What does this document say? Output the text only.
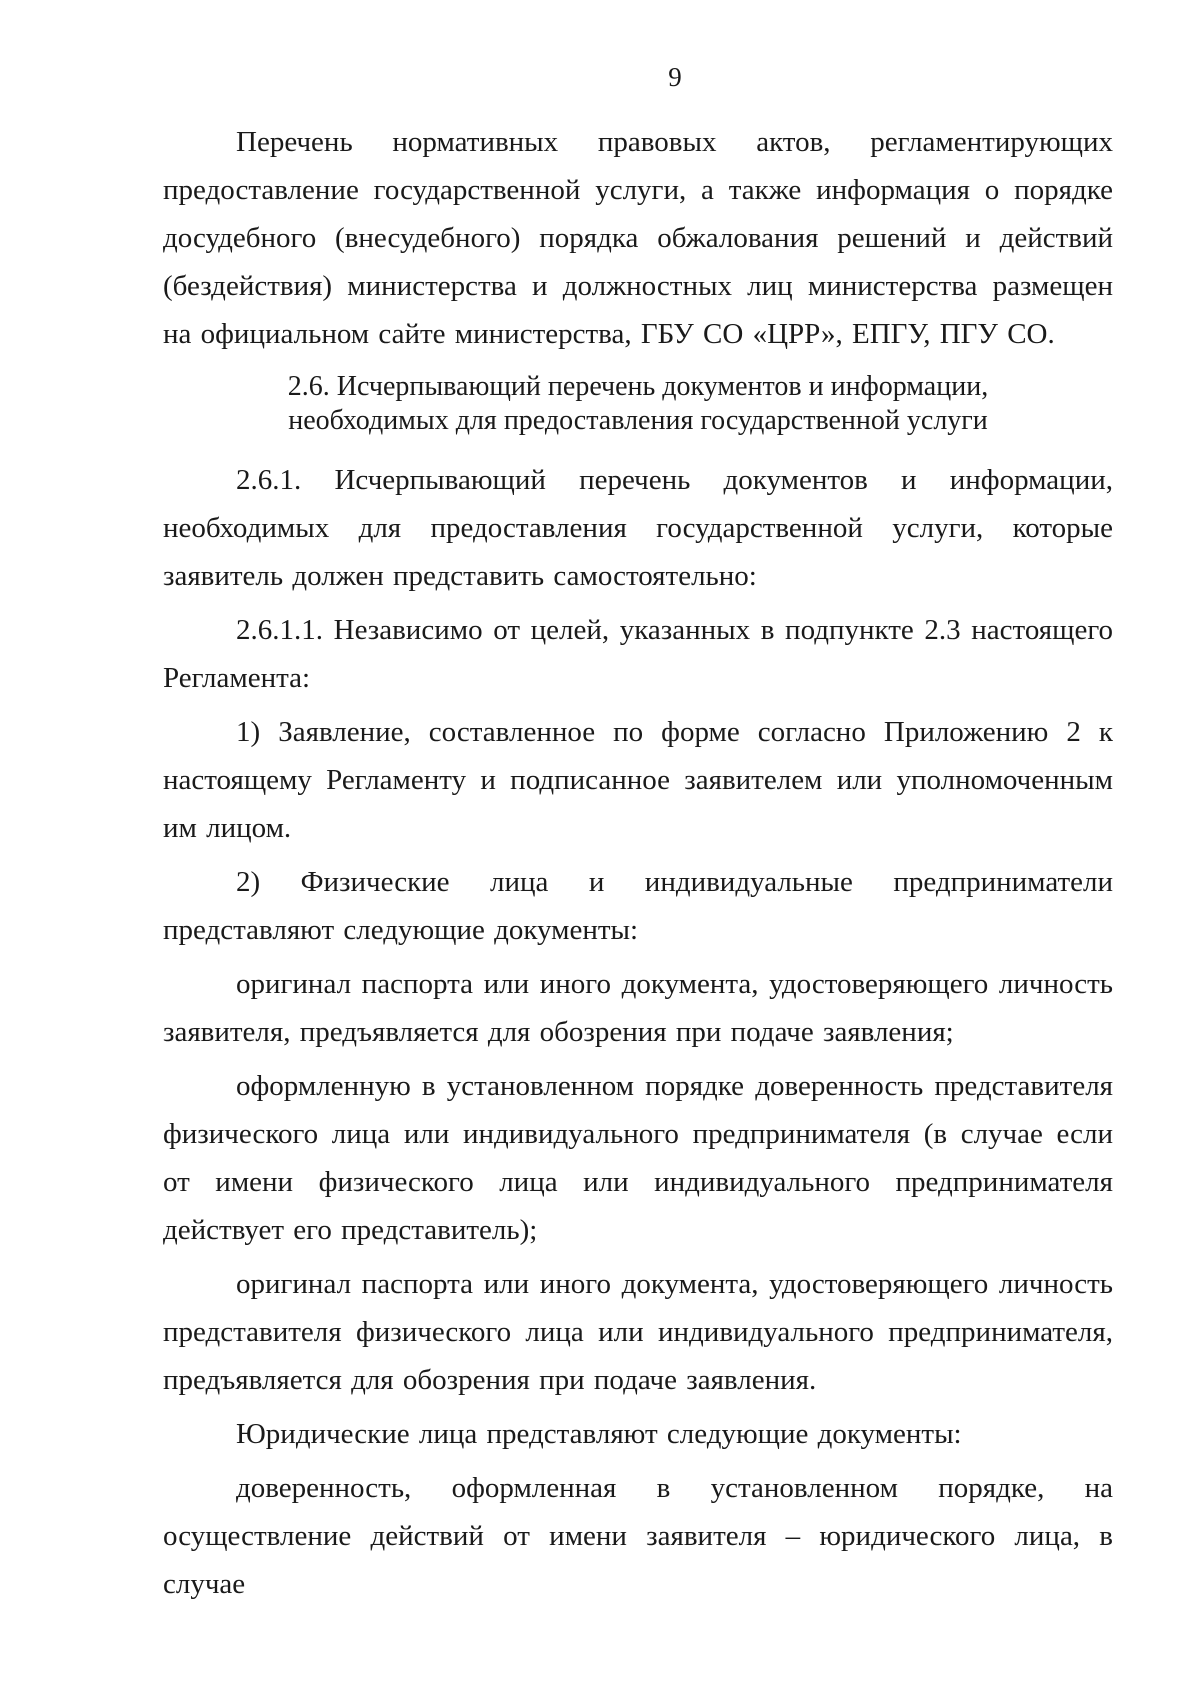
9

Перечень нормативных правовых актов, регламентирующих предоставление государственной услуги, а также информация о порядке досудебного (внесудебного) порядка обжалования решений и действий (бездействия) министерства и должностных лиц министерства размещен на официальном сайте министерства, ГБУ СО «ЦРР», ЕПГУ, ПГУ СО.

2.6. Исчерпывающий перечень документов и информации,
необходимых для предоставления государственной услуги

2.6.1. Исчерпывающий перечень документов и информации, необходимых для предоставления государственной услуги, которые заявитель должен представить самостоятельно:

2.6.1.1. Независимо от целей, указанных в подпункте 2.3 настоящего Регламента:

1) Заявление, составленное по форме согласно Приложению 2 к настоящему Регламенту и подписанное заявителем или уполномоченным им лицом.

2) Физические лица и индивидуальные предприниматели представляют следующие документы:

оригинал паспорта или иного документа, удостоверяющего личность заявителя, предъявляется для обозрения при подаче заявления;

оформленную в установленном порядке доверенность представителя физического лица или индивидуального предпринимателя (в случае если от имени физического лица или индивидуального предпринимателя действует его представитель);

оригинал паспорта или иного документа, удостоверяющего личность представителя физического лица или индивидуального предпринимателя, предъявляется для обозрения при подаче заявления.

Юридические лица представляют следующие документы:

доверенность, оформленная в установленном порядке, на осуществление действий от имени заявителя – юридического лица, в случае
